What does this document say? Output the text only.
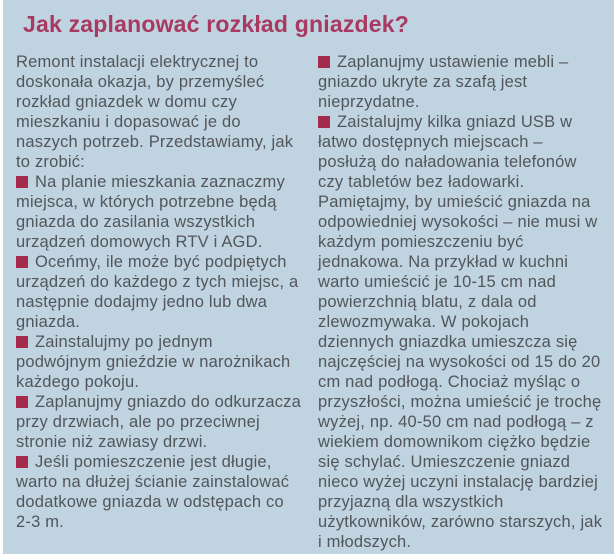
Jak zaplanować rozkład gniazdek?

Remont instalacji elektrycznej to doskonała okazja, by przemyśleć rozkład gniazdek w domu czy mieszkaniu i dopasować je do naszych potrzeb. Przedstawiamy, jak to zrobić:

Na planie mieszkania zaznaczmy miejsca, w których potrzebne będą gniazda do zasilania wszystkich urządzeń domowych RTV i AGD.

Oceńmy, ile może być podpiętych urządzeń do każdego z tych miejsc, a następnie dodajmy jedno lub dwa gniazda.

Zainstalujmy po jednym podwójnym gnieździe w narożnikach każdego pokoju.

Zaplanujmy gniazdo do odkurzacza przy drzwiach, ale po przeciwnej stronie niż zawiasy drzwi.

Jeśli pomieszczenie jest długie, warto na dłużej ścianie zainstalować dodatkowe gniazda w odstępach co 2-3 m.

Zaplanujmy ustawienie mebli – gniazdo ukryte za szafą jest nieprzydatne.

Zaistalujmy kilka gniazd USB w łatwo dostępnych miejscach – posłużą do naładowania telefonów czy tabletów bez ładowarki.

Pamiętajmy, by umieścić gniazda na odpowiedniej wysokości – nie musi w każdym pomieszczeniu być jednakowa. Na przykład w kuchni warto umieścić je 10-15 cm nad powierzchnią blatu, z dala od zlewozmywaka. W pokojach dziennych gniazdka umieszcza się najczęściej na wysokości od 15 do 20 cm nad podłogą. Chociaż myśląc o przyszłości, można umieścić je trochę wyżej, np. 40-50 cm nad podłogą – z wiekiem domownikom ciężko będzie się schylać. Umieszczenie gniazd nieco wyżej uczyni instalację bardziej przyjazną dla wszystkich użytkowników, zarówno starszych, jak i młodszych.
